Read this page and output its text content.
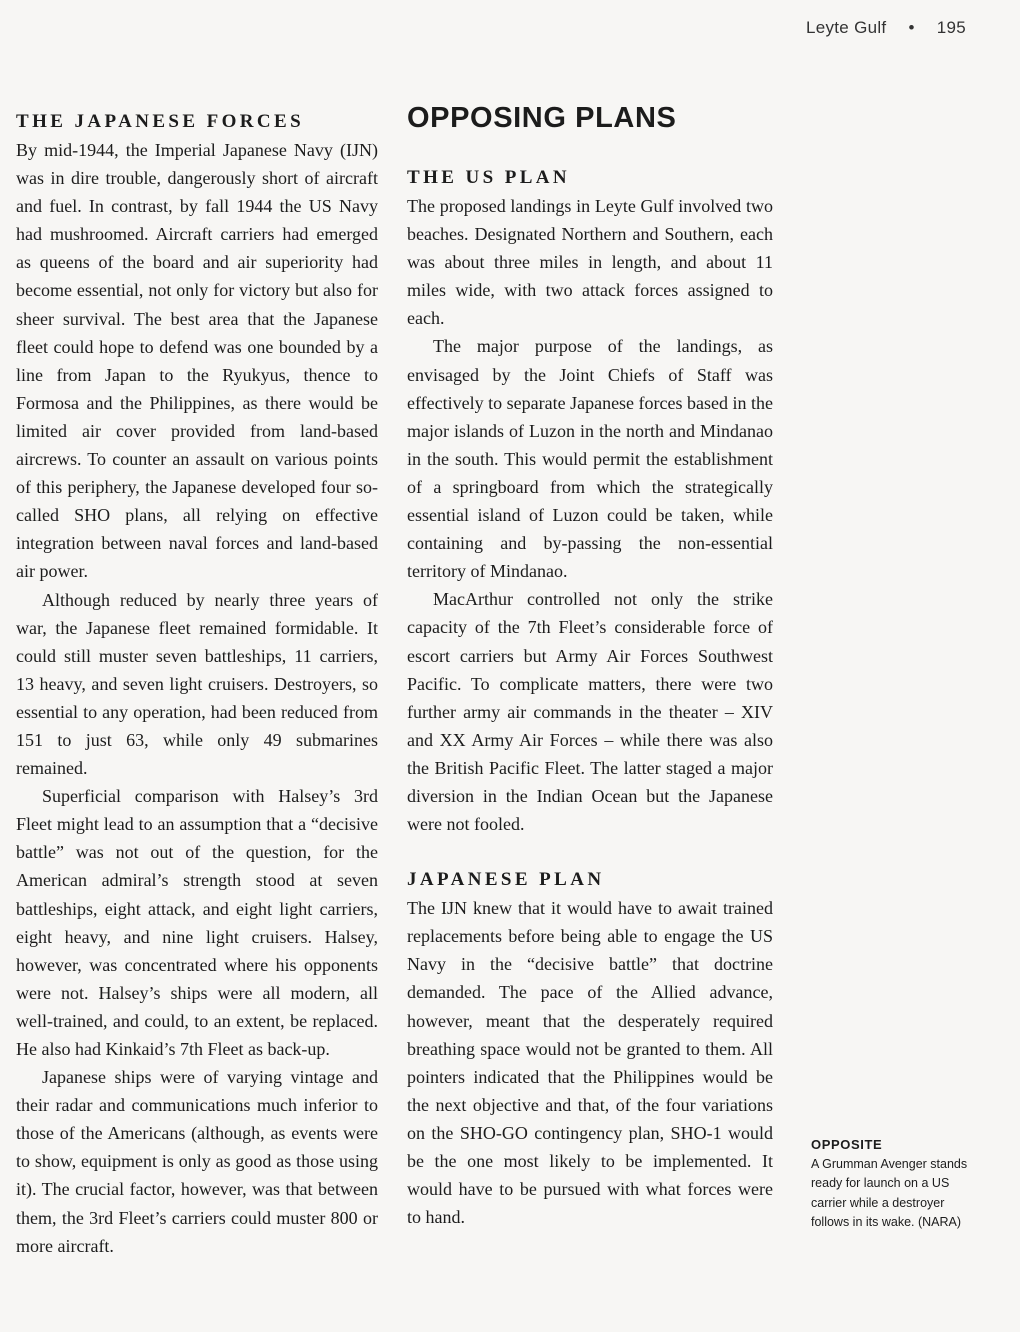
Leyte Gulf • 195
THE JAPANESE FORCES

By mid-1944, the Imperial Japanese Navy (IJN) was in dire trouble, dangerously short of aircraft and fuel. In contrast, by fall 1944 the US Navy had mushroomed. Aircraft carriers had emerged as queens of the board and air superiority had become essential, not only for victory but also for sheer survival. The best area that the Japanese fleet could hope to defend was one bounded by a line from Japan to the Ryukyus, thence to Formosa and the Philippines, as there would be limited air cover provided from land-based aircrews. To counter an assault on various points of this periphery, the Japanese developed four so-called SHO plans, all relying on effective integration between naval forces and land-based air power.

Although reduced by nearly three years of war, the Japanese fleet remained formidable. It could still muster seven battleships, 11 carriers, 13 heavy, and seven light cruisers. Destroyers, so essential to any operation, had been reduced from 151 to just 63, while only 49 submarines remained.

Superficial comparison with Halsey’s 3rd Fleet might lead to an assumption that a “decisive battle” was not out of the question, for the American admiral’s strength stood at seven battleships, eight attack, and eight light carriers, eight heavy, and nine light cruisers. Halsey, however, was concentrated where his opponents were not. Halsey’s ships were all modern, all well-trained, and could, to an extent, be replaced. He also had Kinkaid’s 7th Fleet as back-up.

Japanese ships were of varying vintage and their radar and communications much inferior to those of the Americans (although, as events were to show, equipment is only as good as those using it). The crucial factor, however, was that between them, the 3rd Fleet’s carriers could muster 800 or more aircraft.

OPPOSING PLANS
THE US PLAN

The proposed landings in Leyte Gulf involved two beaches. Designated Northern and Southern, each was about three miles in length, and about 11 miles wide, with two attack forces assigned to each.

The major purpose of the landings, as envisaged by the Joint Chiefs of Staff was effectively to separate Japanese forces based in the major islands of Luzon in the north and Mindanao in the south. This would permit the establishment of a springboard from which the strategically essential island of Luzon could be taken, while containing and by-passing the non-essential territory of Mindanao.

MacArthur controlled not only the strike capacity of the 7th Fleet’s considerable force of escort carriers but Army Air Forces Southwest Pacific. To complicate matters, there were two further army air commands in the theater – XIV and XX Army Air Forces – while there was also the British Pacific Fleet. The latter staged a major diversion in the Indian Ocean but the Japanese were not fooled.

JAPANESE PLAN

The IJN knew that it would have to await trained replacements before being able to engage the US Navy in the “decisive battle” that doctrine demanded. The pace of the Allied advance, however, meant that the desperately required breathing space would not be granted to them. All pointers indicated that the Philippines would be the next objective and that, of the four variations on the SHO-GO contingency plan, SHO-1 would be the one most likely to be implemented. It would have to be pursued with what forces were to hand.

OPPOSITE
A Grumman Avenger stands ready for launch on a US carrier while a destroyer follows in its wake. (NARA)
